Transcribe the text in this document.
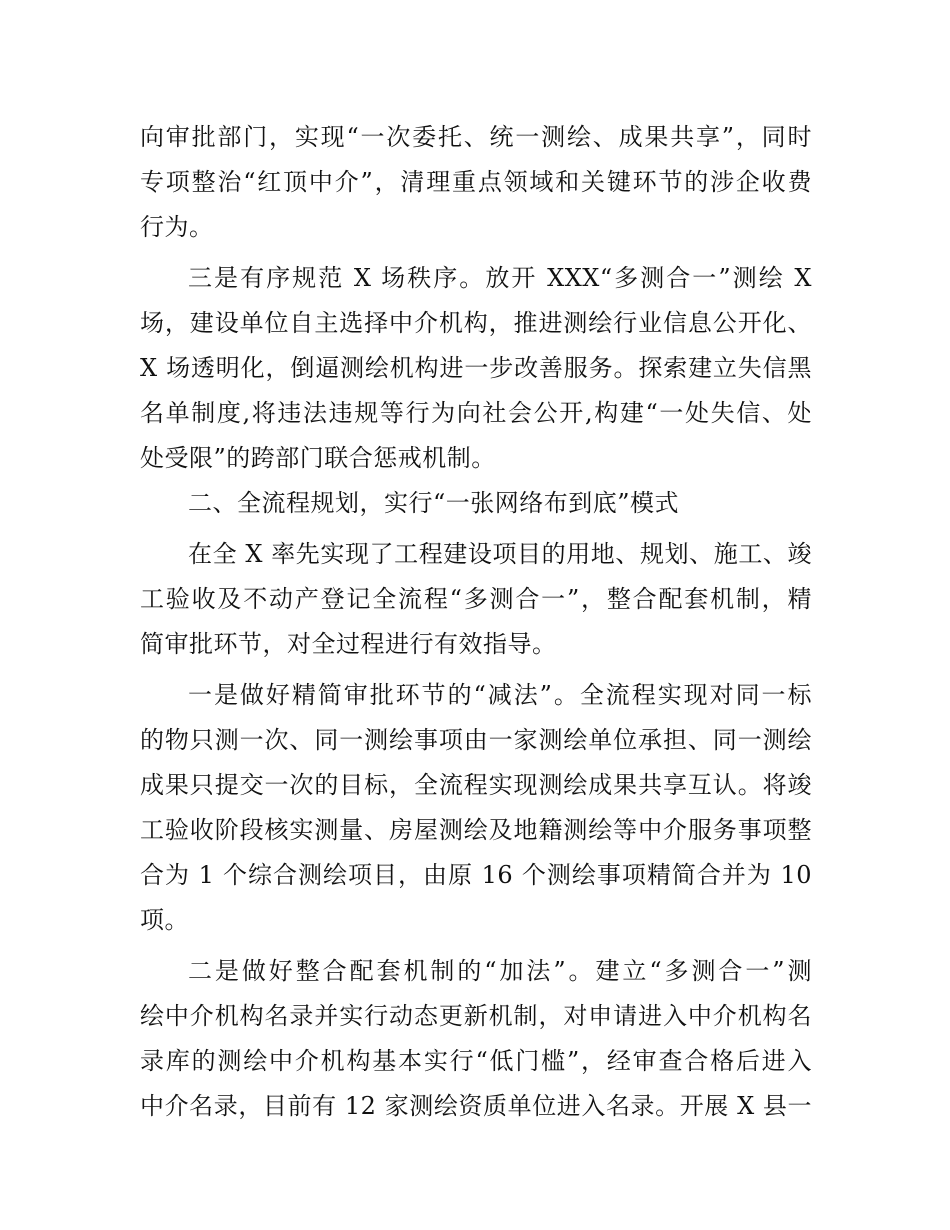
向审批部门，实现“一次委托、统一测绘、成果共享”，同时
专项整治“红顶中介”，清理重点领域和关键环节的涉企收费
行为。
三是有序规范 X 场秩序。放开 XXX“多测合一”测绘 X
场，建设单位自主选择中介机构，推进测绘行业信息公开化、
X 场透明化，倒逼测绘机构进一步改善服务。探索建立失信黑
名单制度,将违法违规等行为向社会公开,构建“一处失信、处
处受限”的跨部门联合惩戒机制。
二、全流程规划，实行“一张网络布到底”模式
在全 X 率先实现了工程建设项目的用地、规划、施工、竣
工验收及不动产登记全流程“多测合一”，整合配套机制，精
简审批环节，对全过程进行有效指导。
一是做好精简审批环节的“减法”。全流程实现对同一标
的物只测一次、同一测绘事项由一家测绘单位承担、同一测绘
成果只提交一次的目标，全流程实现测绘成果共享互认。将竣
工验收阶段核实测量、房屋测绘及地籍测绘等中介服务事项整
合为 1 个综合测绘项目，由原 16 个测绘事项精简合并为 10
项。
二是做好整合配套机制的“加法”。建立“多测合一”测
绘中介机构名录并实行动态更新机制，对申请进入中介机构名
录库的测绘中介机构基本实行“低门槛”，经审查合格后进入
中介名录，目前有 12 家测绘资质单位进入名录。开展 X 县一
